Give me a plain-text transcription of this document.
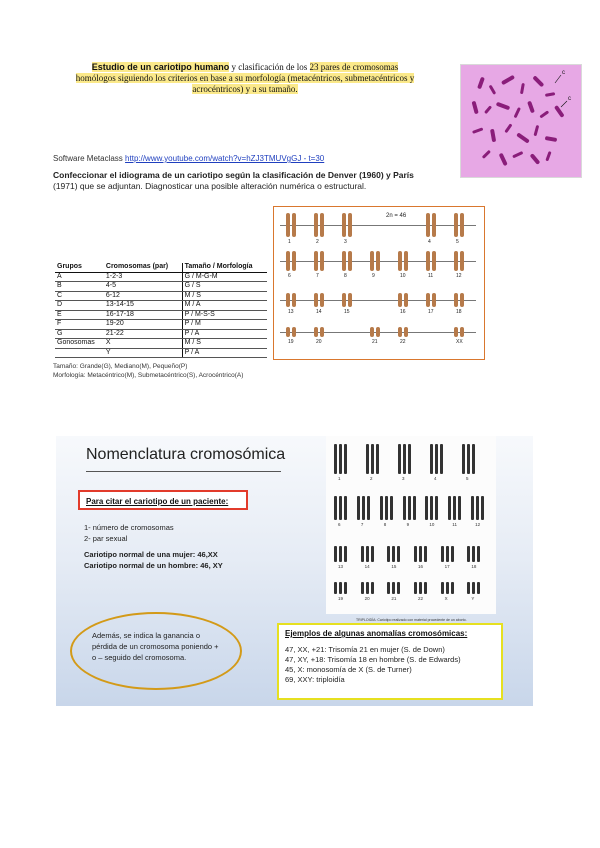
Estudio de un cariotipo humano y clasificación de los 23 pares de cromosomas
homólogos siguiendo los criterios en base a su morfología (metacéntricos, submetacéntricos y acrocéntricos) y a su tamaño.
c
c
Software Metaclass http://www.youtube.com/watch?v=hZJ3TMUVgGJ - t=30
Confeccionar el idiograma de un cariotipo según la clasificación de Denver (1960) y París
(1971) que se adjuntan. Diagnosticar una posible alteración numérica o estructural.
Grupos	Cromosomas (par)	Tamaño / Morfología
A	1-2-3	G / M-G-M
B	4-5	G / S
C	6-12	M / S
D	13-14-15	M / A
E	16-17-18	P / M-S-S
F	19-20	P / M
G	21-22	P / A
Gonosomas	X	M / S
	Y	P / A
Tamaño: Grande(G), Mediano(M), Pequeño(P)
Morfología: Metacéntrico(M), Submetacéntrico(S), Acrocéntrico(A)
2n = 46
1	2	3	4	5
6	7	8	9	10	11	12
13	14	15	16	17	18
19	20	21	22	XX
Nomenclatura cromosómica
Para citar el cariotipo de un paciente:
1- número de cromosomas
2- par sexual
Cariotipo normal de una mujer: 46,XX
Cariotipo normal de un hombre: 46, XY
Además, se indica la ganancia o pérdida de un cromosoma poniendo + o – seguido del cromosoma.
1	2	3	4	5
6	7	8	9	10	11	12
13	14	15	16	17	18
19	20	21	22	X	Y
TRIPLOIDÍA: Cariotipo realizado con material procedente de un aborto.
Ejemplos de algunas anomalías cromosómicas:
47, XX, +21: Trisomía 21 en mujer (S. de Down)
47, XY, +18: Trisomía 18 en hombre (S. de Edwards)
45, X: monosomía de X (S. de Turner)
69, XXY: triploidía
